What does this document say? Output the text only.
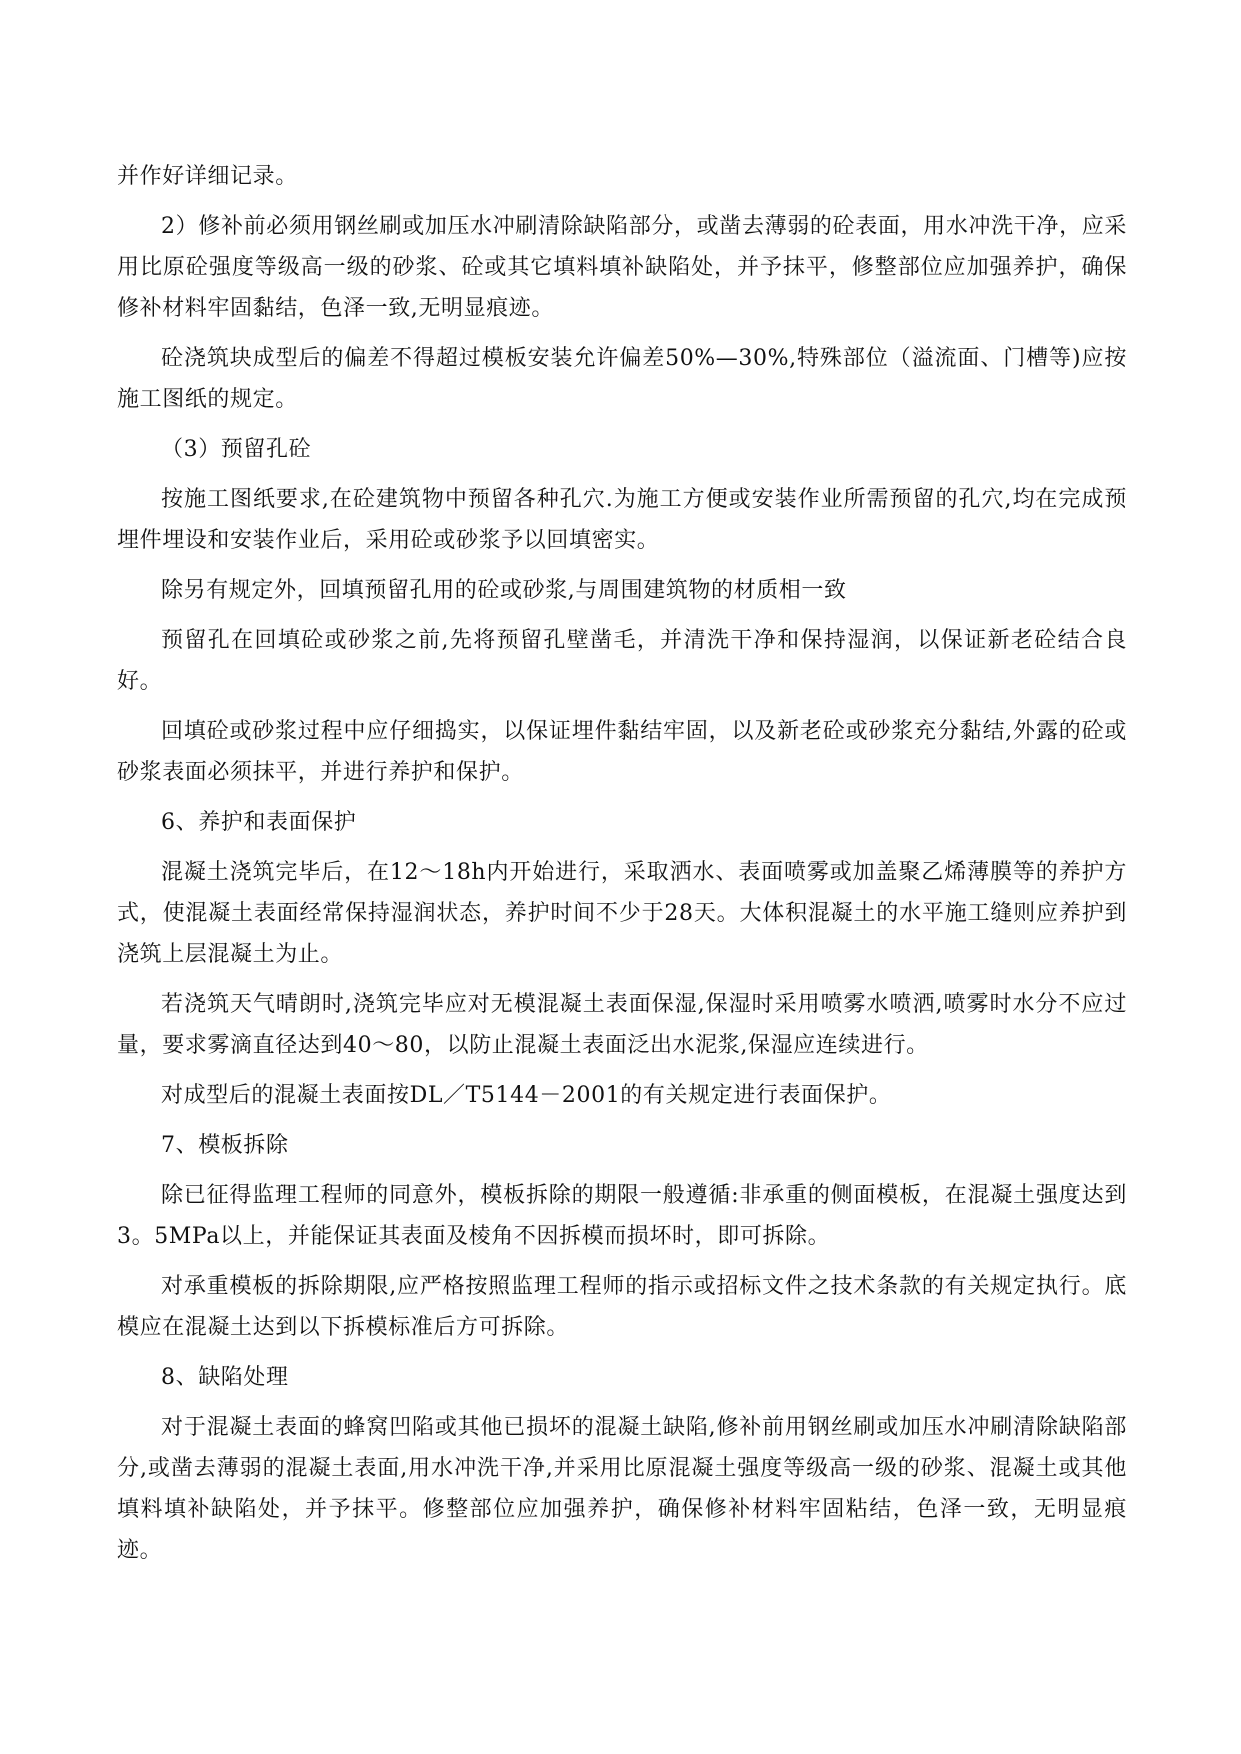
并作好详细记录。

2）修补前必须用钢丝刷或加压水冲刷清除缺陷部分，或凿去薄弱的砼表面，用水冲洗干净，应采用比原砼强度等级高一级的砂浆、砼或其它填料填补缺陷处，并予抹平，修整部位应加强养护，确保修补材料牢固黏结，色泽一致,无明显痕迹。

砼浇筑块成型后的偏差不得超过模板安装允许偏差50%—30%,特殊部位（溢流面、门槽等)应按施工图纸的规定。

（3）预留孔砼

按施工图纸要求,在砼建筑物中预留各种孔穴.为施工方便或安装作业所需预留的孔穴,均在完成预埋件埋设和安装作业后，采用砼或砂浆予以回填密实。

除另有规定外，回填预留孔用的砼或砂浆,与周围建筑物的材质相一致

预留孔在回填砼或砂浆之前,先将预留孔壁凿毛，并清洗干净和保持湿润，以保证新老砼结合良好。

回填砼或砂浆过程中应仔细捣实，以保证埋件黏结牢固，以及新老砼或砂浆充分黏结,外露的砼或砂浆表面必须抹平，并进行养护和保护。

6、养护和表面保护

混凝土浇筑完毕后，在12～18h内开始进行，采取洒水、表面喷雾或加盖聚乙烯薄膜等的养护方式，使混凝土表面经常保持湿润状态，养护时间不少于28天。大体积混凝土的水平施工缝则应养护到浇筑上层混凝土为止。

若浇筑天气晴朗时,浇筑完毕应对无模混凝土表面保湿,保湿时采用喷雾水喷洒,喷雾时水分不应过量，要求雾滴直径达到40～80，以防止混凝土表面泛出水泥浆,保湿应连续进行。

对成型后的混凝土表面按DL／T5144－2001的有关规定进行表面保护。

7、模板拆除

除已征得监理工程师的同意外，模板拆除的期限一般遵循:非承重的侧面模板，在混凝土强度达到3。5MPa以上，并能保证其表面及棱角不因拆模而损坏时，即可拆除。

对承重模板的拆除期限,应严格按照监理工程师的指示或招标文件之技术条款的有关规定执行。底模应在混凝土达到以下拆模标准后方可拆除。

8、缺陷处理

对于混凝土表面的蜂窝凹陷或其他已损坏的混凝土缺陷,修补前用钢丝刷或加压水冲刷清除缺陷部分,或凿去薄弱的混凝土表面,用水冲洗干净,并采用比原混凝土强度等级高一级的砂浆、混凝土或其他填料填补缺陷处，并予抹平。修整部位应加强养护，确保修补材料牢固粘结，色泽一致，无明显痕迹。
